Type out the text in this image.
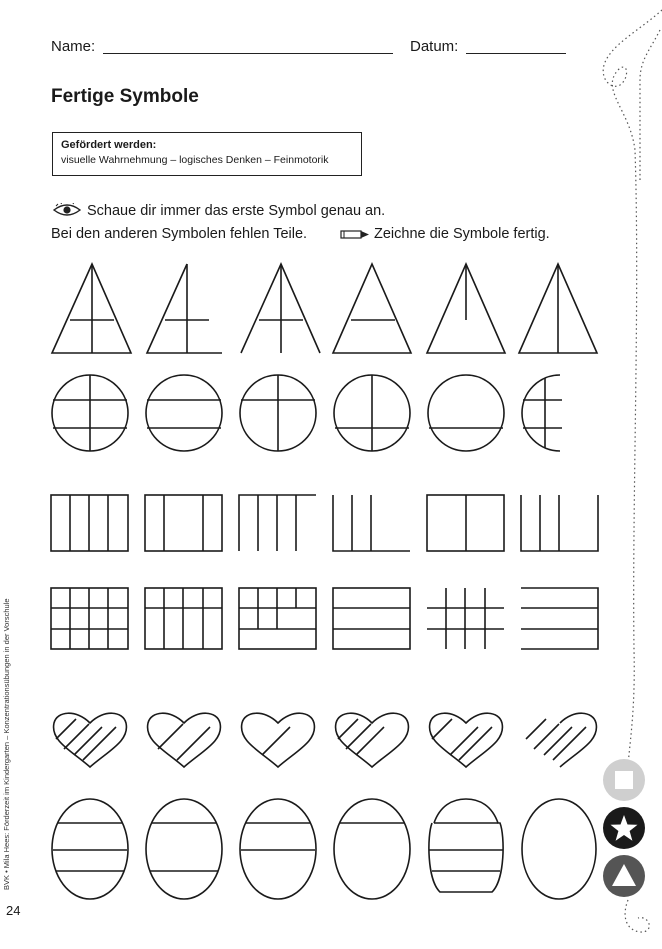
Name:	Datum:
Fertige Symbole
Gefördert werden:
visuelle Wahrnehmung – logisches Denken – Feinmotorik
Schaue dir immer das erste Symbol genau an.
Bei den anderen Symbolen fehlen Teile.	Zeichne die Symbole fertig.
BVK • Mila Hees: Förderzeit im Kindergarten – Konzentrationsübungen in der Vorschule
24
